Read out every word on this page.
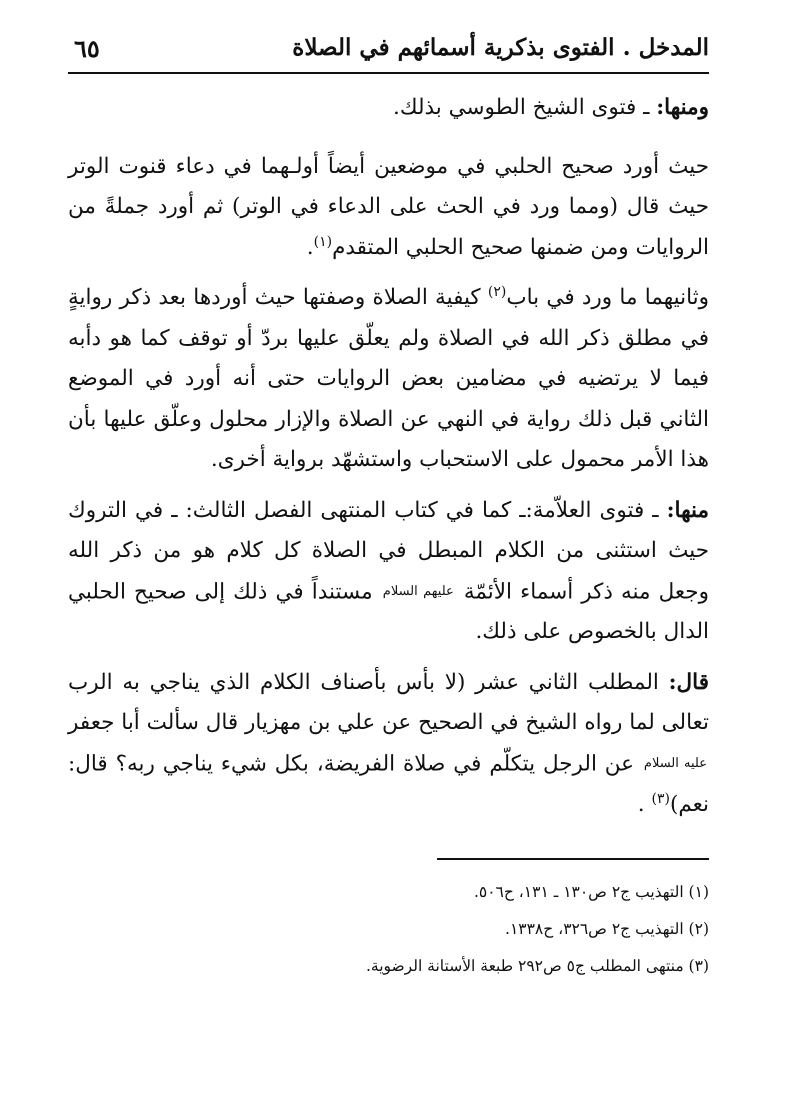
المدخل . الفتوى بذكرية أسمائهم في الصلاة
٦٥

ومنها: ـ فتوى الشيخ الطوسي بذلك.

حيث أورد صحيح الحلبي في موضعين أيضاً أولـهما في دعاء قنوت الوتر حيث قال (ومما ورد في الحث على الدعاء في الوتر) ثم أورد جملةً من الروايات ومن ضمنها صحيح الحلبي المتقدم$^{(١)}$.

وثانيهما ما ورد في باب$^{(٢)}$ كيفية الصلاة وصفتها حيث أوردها بعد ذكر روايةٍ في مطلق ذكر الله في الصلاة ولم يعلّق عليها بردّ أو توقف كما هو دأبه فيما لا يرتضيه في مضامين بعض الروايات حتى أنه أورد في الموضع الثاني قبل ذلك رواية في النهي عن الصلاة والإزار محلول وعلّق عليها بأن هذا الأمر محمول على الاستحباب واستشهّد برواية أخرى.

منها: ـ فتوى العلاّمة:ـ كما في كتاب المنتهى الفصل الثالث: ـ في التروك حيث استثنى من الكلام المبطل في الصلاة كل كلام هو من ذكر الله وجعل منه ذكر أسماء الأئمّة عليهم السلام مستنداً في ذلك إلى صحيح الحلبي الدال بالخصوص على ذلك.

قال: المطلب الثاني عشر (لا بأس بأصناف الكلام الذي يناجي به الرب تعالى لما رواه الشيخ في الصحيح عن علي بن مهزيار قال سألت أبا جعفر عليه السلام عن الرجل يتكلّم في صلاة الفريضة، بكل شيء يناجي ربه؟ قال: نعم)$^{(٣)}$ .

(١) التهذيب ج٢ ص١٣٠ ـ ١٣١، ح٥٠٦.
(٢) التهذيب ج٢ ص٣٢٦، ح١٣٣٨.
(٣) منتهى المطلب ج٥ ص٢٩٢ طبعة الأستانة الرضوية.
